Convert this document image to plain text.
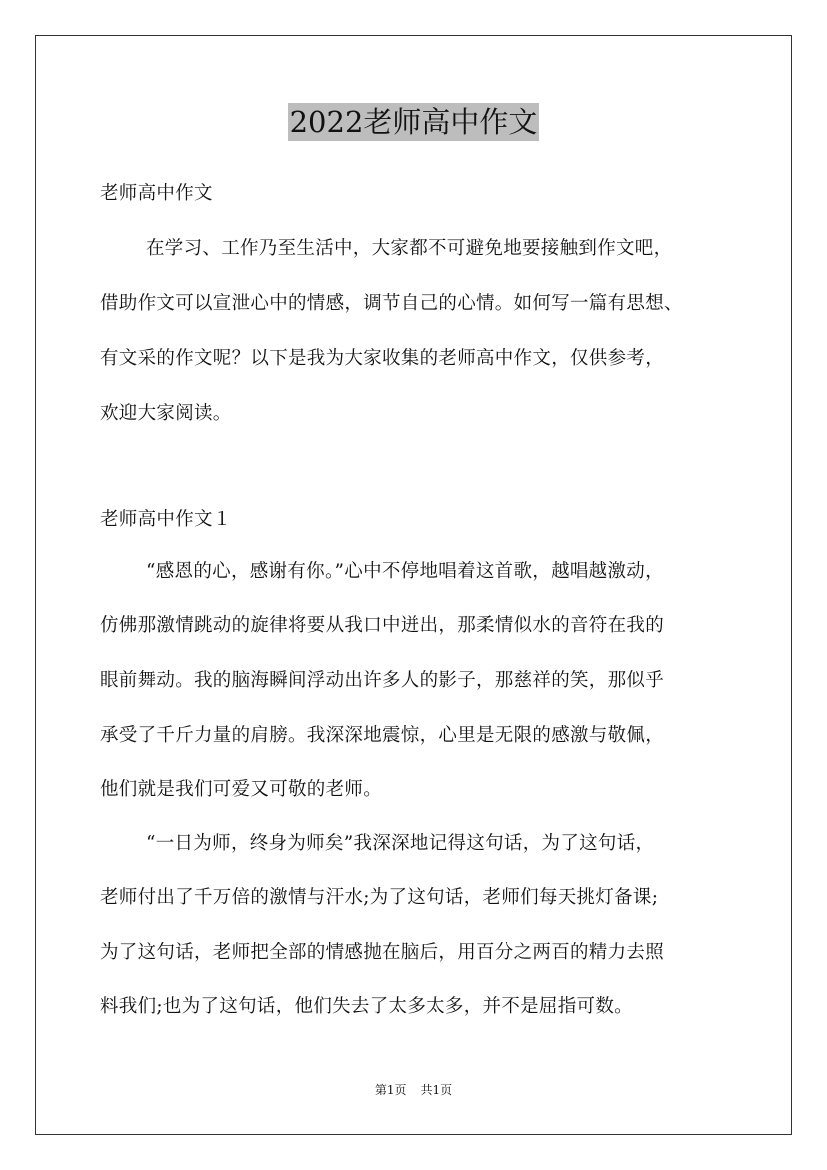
2022老师高中作文
老师高中作文
在学习、工作乃至生活中，大家都不可避免地要接触到作文吧，
借助作文可以宣泄心中的情感，调节自己的心情。如何写一篇有思想、
有文采的作文呢？以下是我为大家收集的老师高中作文，仅供参考，
欢迎大家阅读。
老师高中作文１
“感恩的心，感谢有你。”心中不停地唱着这首歌，越唱越激动，
仿佛那激情跳动的旋律将要从我口中迸出，那柔情似水的音符在我的
眼前舞动。我的脑海瞬间浮动出许多人的影子，那慈祥的笑，那似乎
承受了千斤力量的肩膀。我深深地震惊，心里是无限的感激与敬佩，
他们就是我们可爱又可敬的老师。
“一日为师，终身为师矣”我深深地记得这句话，为了这句话，
老师付出了千万倍的激情与汗水;为了这句话，老师们每天挑灯备课;
为了这句话，老师把全部的情感抛在脑后，用百分之两百的精力去照
料我们;也为了这句话，他们失去了太多太多，并不是屈指可数。
第1页 共1页
